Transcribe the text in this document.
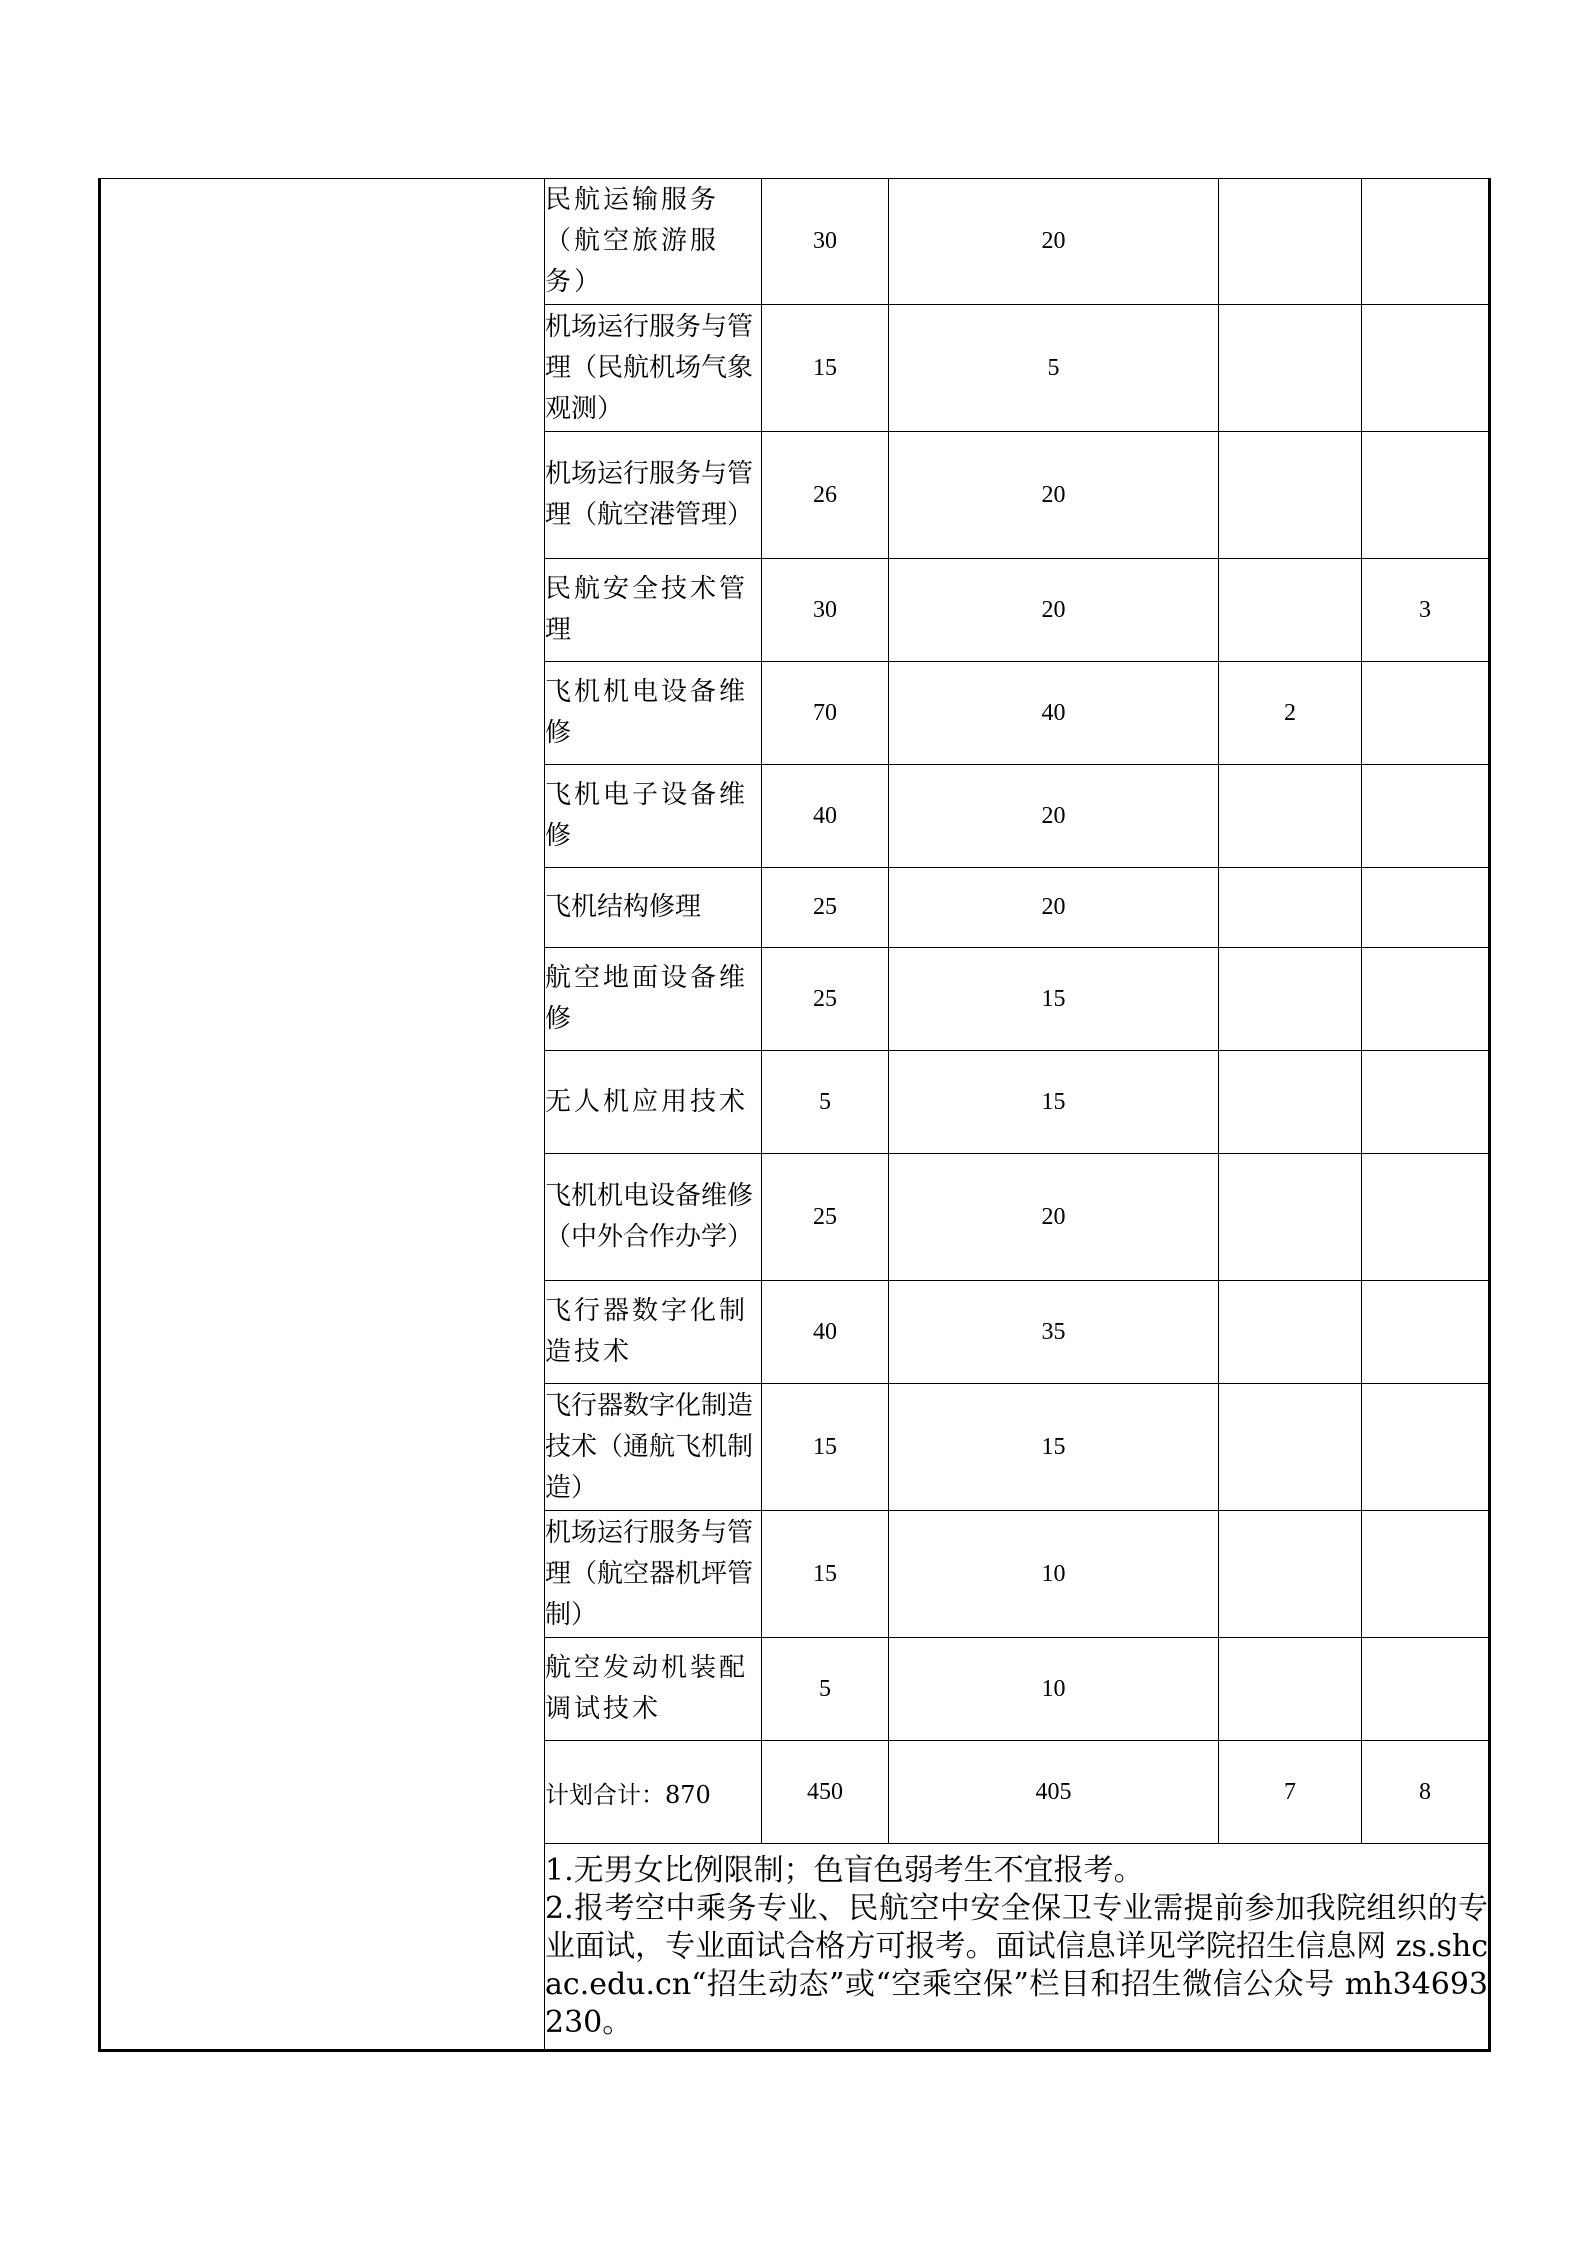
	民航运输服务（航空旅游服务）	30	20		
	机场运行服务与管理（民航机场气象观测）	15	5		
	机场运行服务与管理（航空港管理）	26	20		
	民航安全技术管理	30	20		3
	飞机机电设备维修	70	40	2	
	飞机电子设备维修	40	20		
	飞机结构修理	25	20		
	航空地面设备维修	25	15		
	无人机应用技术	5	15		
	飞机机电设备维修（中外合作办学）	25	20		
	飞行器数字化制造技术	40	35		
	飞行器数字化制造技术（通航飞机制造）	15	15		
	机场运行服务与管理（航空器机坪管制）	15	10		
	航空发动机装配调试技术	5	10		
	计划合计：870	450	405	7	8

	1.无男女比例限制；色盲色弱考生不宜报考。
2.报考空中乘务专业、民航空中安全保卫专业需提前参加我院组织的专业面试，专业面试合格方可报考。面试信息详见学院招生信息网 zs.shcac.edu.cn“招生动态”或“空乘空保”栏目和招生微信公众号 mh34693230。				
